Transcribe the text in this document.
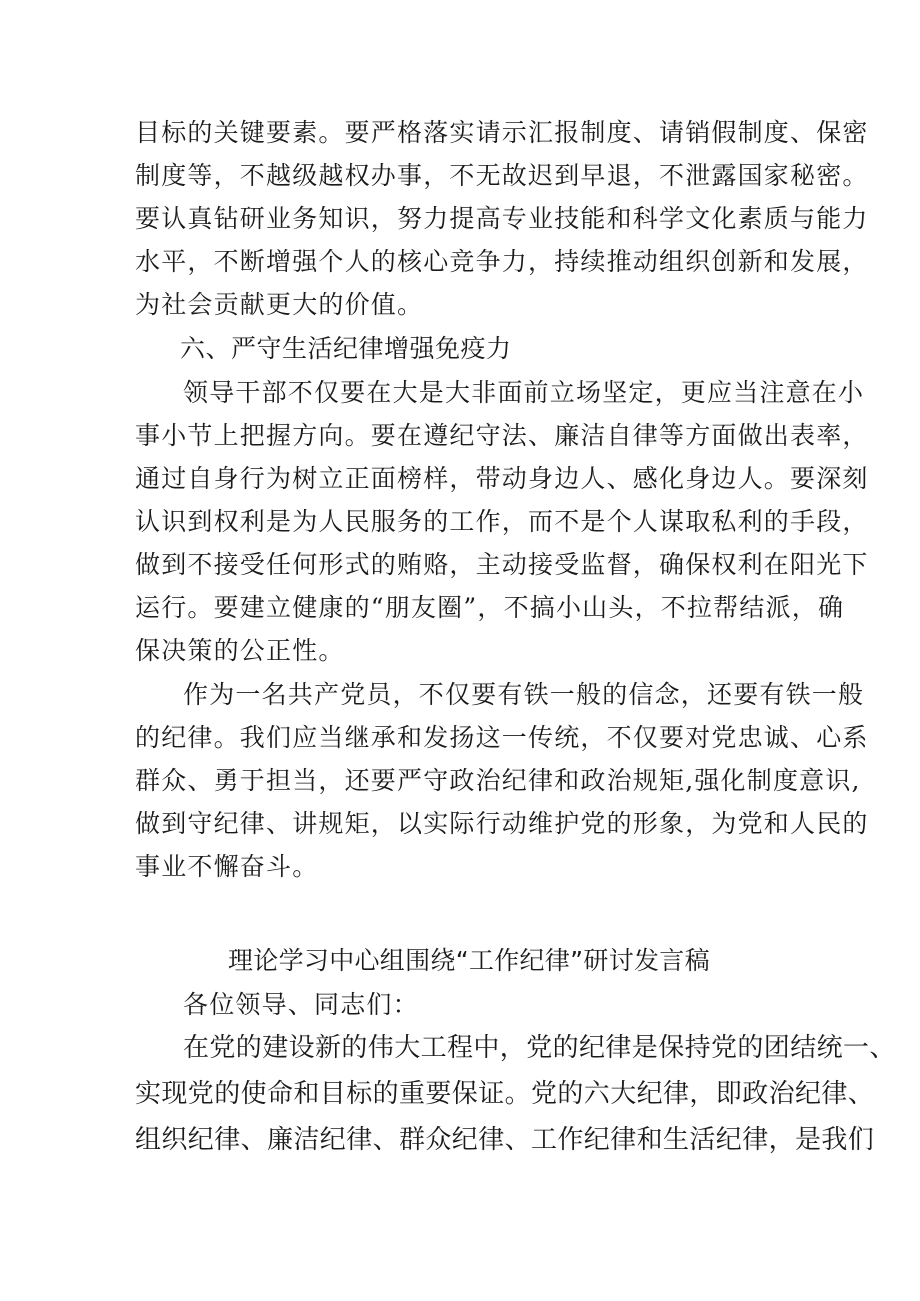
目标的关键要素。要严格落实请示汇报制度、请销假制度、保密
制度等，不越级越权办事，不无故迟到早退，不泄露国家秘密。
要认真钻研业务知识，努力提高专业技能和科学文化素质与能力
水平，不断增强个人的核心竞争力，持续推动组织创新和发展，
为社会贡献更大的价值。
六、严守生活纪律增强免疫力
领导干部不仅要在大是大非面前立场坚定，更应当注意在小
事小节上把握方向。要在遵纪守法、廉洁自律等方面做出表率，
通过自身行为树立正面榜样，带动身边人、感化身边人。要深刻
认识到权利是为人民服务的工作，而不是个人谋取私利的手段，
做到不接受任何形式的贿赂，主动接受监督，确保权利在阳光下
运行。要建立健康的“朋友圈”，不搞小山头，不拉帮结派，确
保决策的公正性。
作为一名共产党员，不仅要有铁一般的信念，还要有铁一般
的纪律。我们应当继承和发扬这一传统，不仅要对党忠诚、心系
群众、勇于担当，还要严守政治纪律和政治规矩,强化制度意识,
做到守纪律、讲规矩，以实际行动维护党的形象，为党和人民的
事业不懈奋斗。
理论学习中心组围绕“工作纪律”研讨发言稿
各位领导、同志们：
在党的建设新的伟大工程中，党的纪律是保持党的团结统一、
实现党的使命和目标的重要保证。党的六大纪律，即政治纪律、
组织纪律、廉洁纪律、群众纪律、工作纪律和生活纪律，是我们
